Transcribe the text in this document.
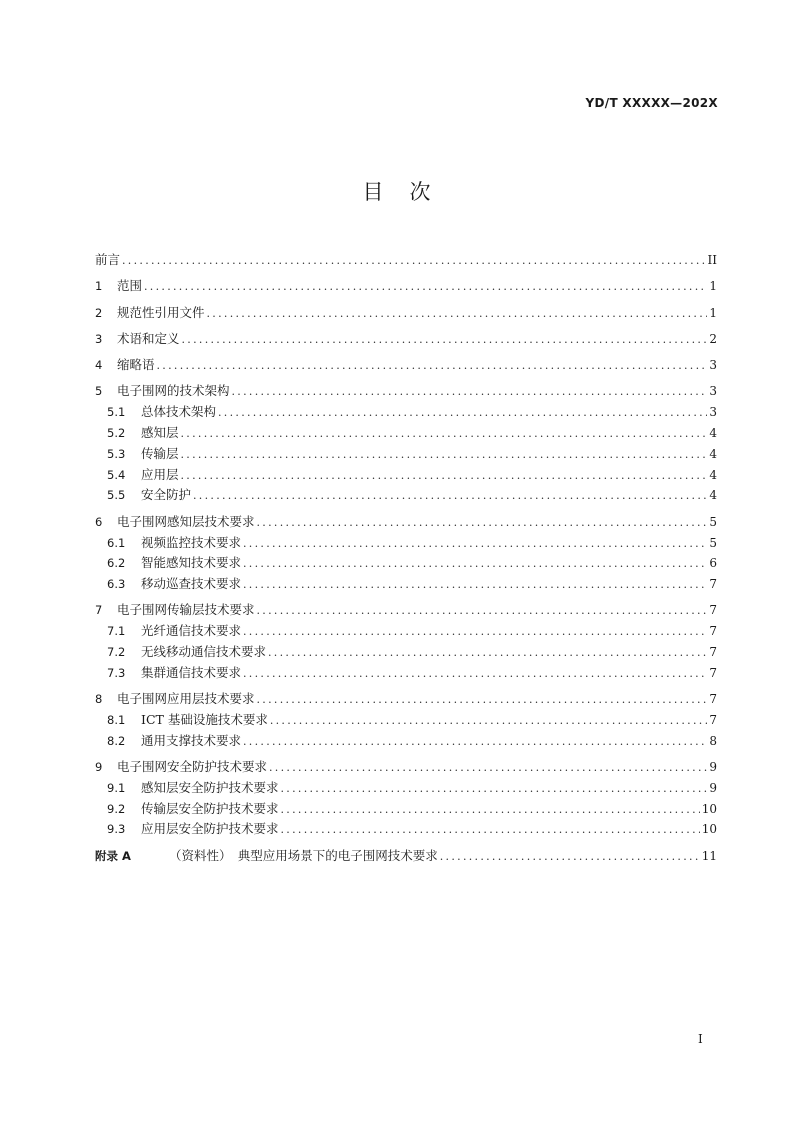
YD/T XXXXX—202X
目 次
前言 .....	II
1	范围 .....	1
2	规范性引用文件 .....	1
3	术语和定义 .....	2
4	缩略语 .....	3
5	电子围网的技术架构 .....	3
5.1	总体技术架构 .....	3
5.2	感知层 .....	4
5.3	传输层 .....	4
5.4	应用层 .....	4
5.5	安全防护 .....	4
6	电子围网感知层技术要求 .....	5
6.1	视频监控技术要求 .....	5
6.2	智能感知技术要求 .....	6
6.3	移动巡查技术要求 .....	7
7	电子围网传输层技术要求 .....	7
7.1	光纤通信技术要求 .....	7
7.2	无线移动通信技术要求 .....	7
7.3	集群通信技术要求 .....	7
8	电子围网应用层技术要求 .....	7
8.1	ICT 基础设施技术要求 .....	7
8.2	通用支撑技术要求 .....	8
9	电子围网安全防护技术要求 .....	9
9.1	感知层安全防护技术要求 .....	9
9.2	传输层安全防护技术要求 .....	10
9.3	应用层安全防护技术要求 .....	10
附录 A	（资料性）　典型应用场景下的电子围网技术要求 .....	11
I
